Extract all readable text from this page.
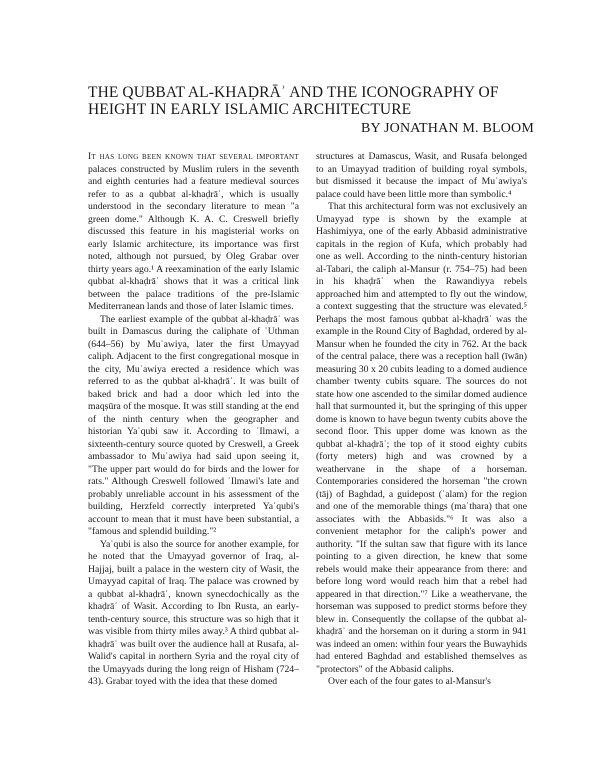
THE QUBBAT AL-KHAḌRĀʾ AND THE ICONOGRAPHY OF HEIGHT IN EARLY ISLAMIC ARCHITECTURE
BY JONATHAN M. BLOOM

It has long been known that several important palaces constructed by Muslim rulers in the seventh and eighth centuries had a feature medieval sources refer to as a qubbat al-khaḍrāʾ, which is usually understood in the secondary literature to mean "a green dome." Although K. A. C. Creswell briefly discussed this feature in his magisterial works on early Islamic architecture, its importance was first noted, although not pursued, by Oleg Grabar over thirty years ago.¹ A reexamination of the early Islamic qubbat al-khaḍrāʾ shows that it was a critical link between the palace traditions of the pre-Islamic Mediterranean lands and those of later Islamic times.

The earliest example of the qubbat al-khaḍrāʾ was built in Damascus during the caliphate of ʿUthman (644–56) by Muʿawiya, later the first Umayyad caliph. Adjacent to the first congregational mosque in the city, Muʿawiya erected a residence which was referred to as the qubbat al-khaḍrāʾ. It was built of baked brick and had a door which led into the maqṣūra of the mosque. It was still standing at the end of the ninth century when the geographer and historian Yaʿqubi saw it. According to ʿIlmawi, a sixteenth-century source quoted by Creswell, a Greek ambassador to Muʿawiya had said upon seeing it, "The upper part would do for birds and the lower for rats." Although Creswell followed ʿIlmawi's late and probably unreliable account in his assessment of the building, Herzfeld correctly interpreted Yaʿqubi's account to mean that it must have been substantial, a "famous and splendid building."²

Yaʿqubi is also the source for another example, for he noted that the Umayyad governor of Iraq, al-Hajjaj, built a palace in the western city of Wasit, the Umayyad capital of Iraq. The palace was crowned by a qubbat al-khaḍrāʾ, known synecdochically as the khaḍrāʾ of Wasit. According to Ibn Rusta, an early-tenth-century source, this structure was so high that it was visible from thirty miles away.³ A third qubbat al-khaḍrāʾ was built over the audience hall at Rusafa, al-Walid's capital in northern Syria and the royal city of the Umayyads during the long reign of Hisham (724–43). Grabar toyed with the idea that these domed

structures at Damascus, Wasit, and Rusafa belonged to an Umayyad tradition of building royal symbols, but dismissed it because the impact of Muʿawiya's palace could have been little more than symbolic.⁴

That this architectural form was not exclusively an Umayyad type is shown by the example at Hashimiyya, one of the early Abbasid administrative capitals in the region of Kufa, which probably had one as well. According to the ninth-century historian al-Tabari, the caliph al-Mansur (r. 754–75) had been in his khaḍrāʾ when the Rawandiyya rebels approached him and attempted to fly out the window, a context suggesting that the structure was elevated.⁵ Perhaps the most famous qubbat al-khaḍrāʾ was the example in the Round City of Baghdad, ordered by al-Mansur when he founded the city in 762. At the back of the central palace, there was a reception hall (īwān) measuring 30 x 20 cubits leading to a domed audience chamber twenty cubits square. The sources do not state how one ascended to the similar domed audience hall that surmounted it, but the springing of this upper dome is known to have begun twenty cubits above the second floor. This upper dome was known as the qubbat al-khaḍrāʾ; the top of it stood eighty cubits (forty meters) high and was crowned by a weathervane in the shape of a horseman. Contemporaries considered the horseman "the crown (tāj) of Baghdad, a guidepost (ʿalam) for the region and one of the memorable things (maʾthara) that one associates with the Abbasids."⁶ It was also a convenient metaphor for the caliph's power and authority. "If the sultan saw that figure with its lance pointing to a given direction, he knew that some rebels would make their appearance from there: and before long word would reach him that a rebel had appeared in that direction."⁷ Like a weathervane, the horseman was supposed to predict storms before they blew in. Consequently the collapse of the qubbat al-khaḍrāʾ and the horseman on it during a storm in 941 was indeed an omen: within four years the Buwayhids had entered Baghdad and established themselves as "protectors" of the Abbasid caliphs.

Over each of the four gates to al-Mansur's
